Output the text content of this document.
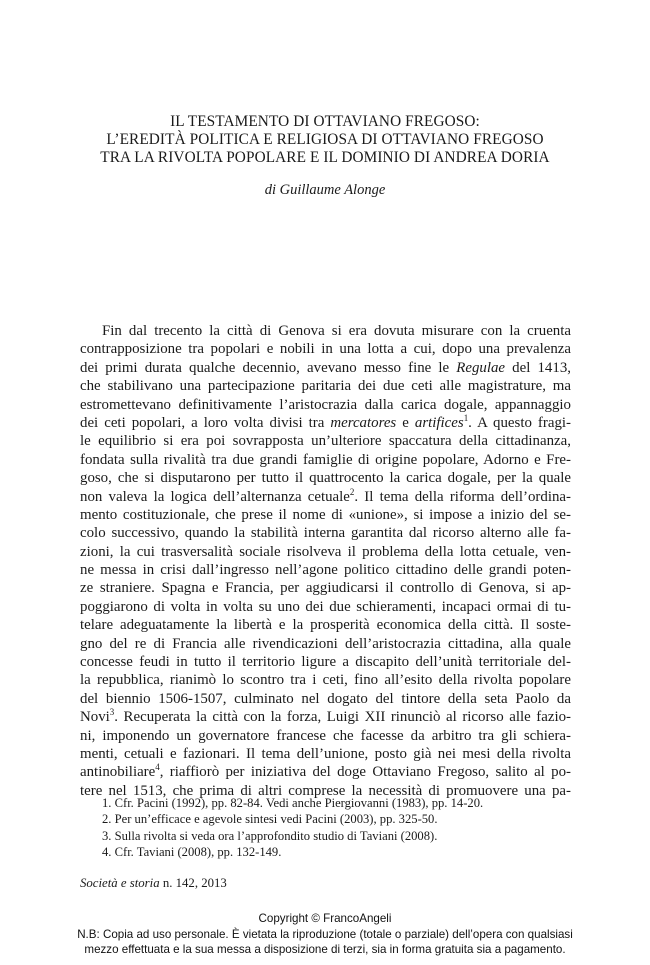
IL TESTAMENTO DI OTTAVIANO FREGOSO:
L’EREDITÀ POLITICA E RELIGIOSA DI OTTAVIANO FREGOSO
TRA LA RIVOLTA POPOLARE E IL DOMINIO DI ANDREA DORIA
di Guillaume Alonge
Fin dal trecento la città di Genova si era dovuta misurare con la cruenta
contrapposizione tra popolari e nobili in una lotta a cui, dopo una prevalenza
dei primi durata qualche decennio, avevano messo fine le Regulae del 1413,
che stabilivano una partecipazione paritaria dei due ceti alle magistrature, ma
estromettevano definitivamente l’aristocrazia dalla carica dogale, appannaggio
dei ceti popolari, a loro volta divisi tra mercatores e artifices$^1$. A questo fragi-
le equilibrio si era poi sovrapposta un’ulteriore spaccatura della cittadinanza,
fondata sulla rivalità tra due grandi famiglie di origine popolare, Adorno e Fre-
goso, che si disputarono per tutto il quattrocento la carica dogale, per la quale
non valeva la logica dell’alternanza cetuale$^2$. Il tema della riforma dell’ordina-
mento costituzionale, che prese il nome di «unione», si impose a inizio del se-
colo successivo, quando la stabilità interna garantita dal ricorso alterno alle fa-
zioni, la cui trasversalità sociale risolveva il problema della lotta cetuale, ven-
ne messa in crisi dall’ingresso nell’agone politico cittadino delle grandi poten-
ze straniere. Spagna e Francia, per aggiudicarsi il controllo di Genova, si ap-
poggiarono di volta in volta su uno dei due schieramenti, incapaci ormai di tu-
telare adeguatamente la libertà e la prosperità economica della città. Il soste-
gno del re di Francia alle rivendicazioni dell’aristocrazia cittadina, alla quale
concesse feudi in tutto il territorio ligure a discapito dell’unità territoriale del-
la repubblica, rianimò lo scontro tra i ceti, fino all’esito della rivolta popolare
del biennio 1506-1507, culminato nel dogato del tintore della seta Paolo da
Novi$^3$. Recuperata la città con la forza, Luigi XII rinunciò al ricorso alle fazio-
ni, imponendo un governatore francese che facesse da arbitro tra gli schiera-
menti, cetuali e fazionari. Il tema dell’unione, posto già nei mesi della rivolta
antinobiliare$^4$, riaffiorò per iniziativa del doge Ottaviano Fregoso, salito al po-
tere nel 1513, che prima di altri comprese la necessità di promuovere una pa-
1. Cfr. Pacini (1992), pp. 82-84. Vedi anche Piergiovanni (1983), pp. 14-20.
2. Per un’efficace e agevole sintesi vedi Pacini (2003), pp. 325-50.
3. Sulla rivolta si veda ora l’approfondito studio di Taviani (2008).
4. Cfr. Taviani (2008), pp. 132-149.
Società e storia n. 142, 2013
Copyright © FrancoAngeli
N.B: Copia ad uso personale. È vietata la riproduzione (totale o parziale) dell’opera con qualsiasi
mezzo effettuata e la sua messa a disposizione di terzi, sia in forma gratuita sia a pagamento.
